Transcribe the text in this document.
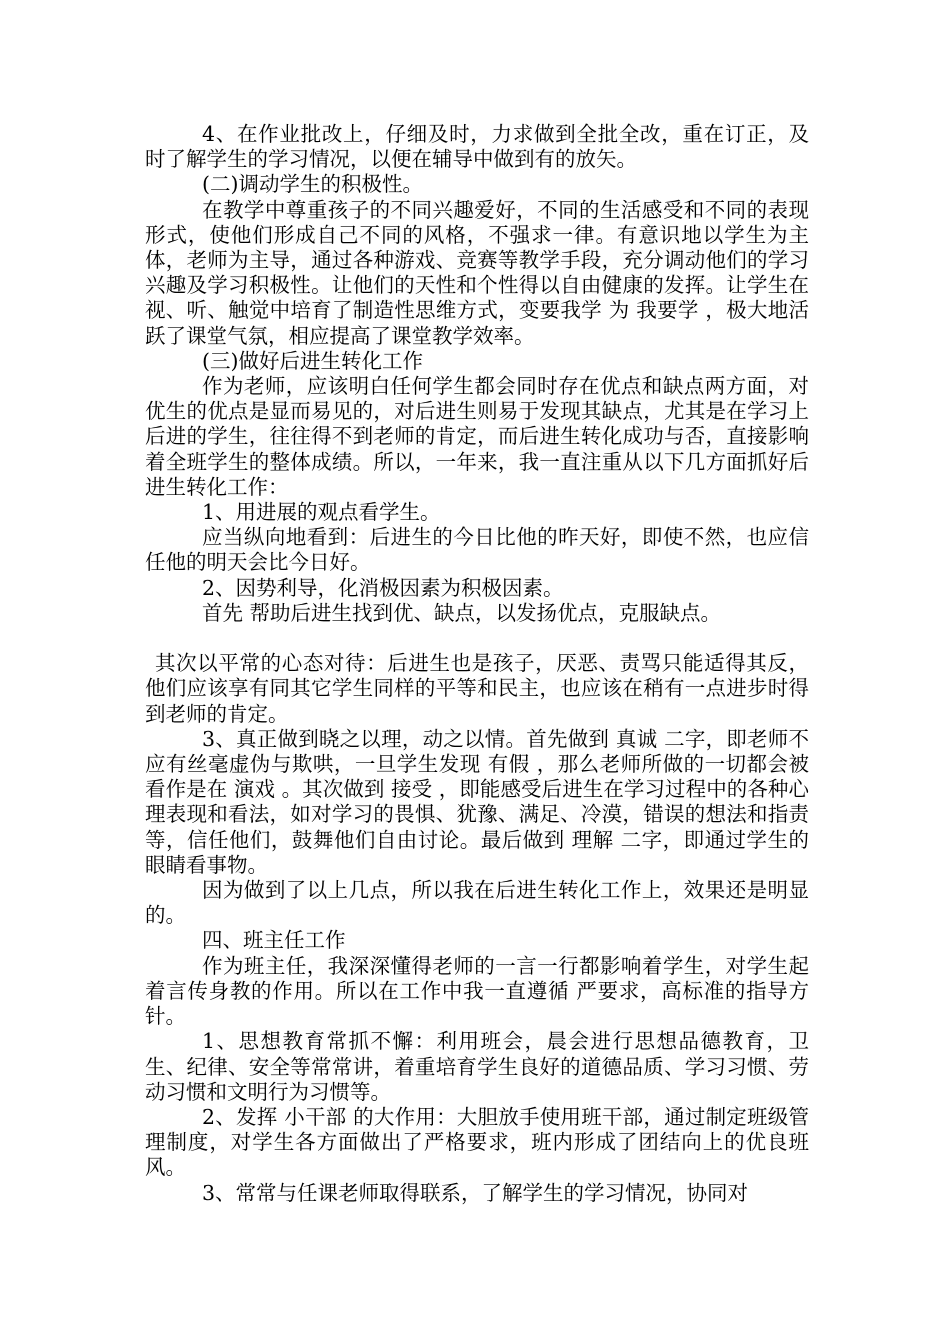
4、在作业批改上，仔细及时，力求做到全批全改，重在订正，及时了解学生的学习情况，以便在辅导中做到有的放矢。

(二)调动学生的积极性。

在教学中尊重孩子的不同兴趣爱好，不同的生活感受和不同的表现形式，使他们形成自己不同的风格，不强求一律。有意识地以学生为主体，老师为主导，通过各种游戏、竞赛等教学手段，充分调动他们的学习兴趣及学习积极性。让他们的天性和个性得以自由健康的发挥。让学生在视、听、触觉中培育了制造性思维方式，变要我学 为 我要学 ，极大地活跃了课堂气氛，相应提高了课堂教学效率。

(三)做好后进生转化工作

作为老师，应该明白任何学生都会同时存在优点和缺点两方面，对优生的优点是显而易见的，对后进生则易于发现其缺点，尤其是在学习上后进的学生，往往得不到老师的肯定，而后进生转化成功与否，直接影响着全班学生的整体成绩。所以，一年来，我一直注重从以下几方面抓好后进生转化工作：

1、用进展的观点看学生。

应当纵向地看到：后进生的今日比他的昨天好，即使不然，也应信任他的明天会比今日好。

2、因势利导，化消极因素为积极因素。

首先 帮助后进生找到优、缺点，以发扬优点，克服缺点。

其次以平常的心态对待：后进生也是孩子，厌恶、责骂只能适得其反，他们应该享有同其它学生同样的平等和民主，也应该在稍有一点进步时得到老师的肯定。

3、真正做到晓之以理，动之以情。首先做到 真诚 二字，即老师不应有丝毫虚伪与欺哄，一旦学生发现 有假 ，那么老师所做的一切都会被看作是在 演戏 。其次做到 接受 ，即能感受后进生在学习过程中的各种心理表现和看法，如对学习的畏惧、犹豫、满足、冷漠，错误的想法和指责等，信任他们，鼓舞他们自由讨论。最后做到 理解 二字，即通过学生的眼睛看事物。

因为做到了以上几点，所以我在后进生转化工作上，效果还是明显的。

四、班主任工作

作为班主任，我深深懂得老师的一言一行都影响着学生，对学生起着言传身教的作用。所以在工作中我一直遵循 严要求，高标准的指导方针。

1、思想教育常抓不懈：利用班会，晨会进行思想品德教育，卫生、纪律、安全等常常讲，着重培育学生良好的道德品质、学习习惯、劳动习惯和文明行为习惯等。

2、发挥 小干部 的大作用：大胆放手使用班干部，通过制定班级管理制度，对学生各方面做出了严格要求，班内形成了团结向上的优良班风。

3、常常与任课老师取得联系，了解学生的学习情况，协同对
